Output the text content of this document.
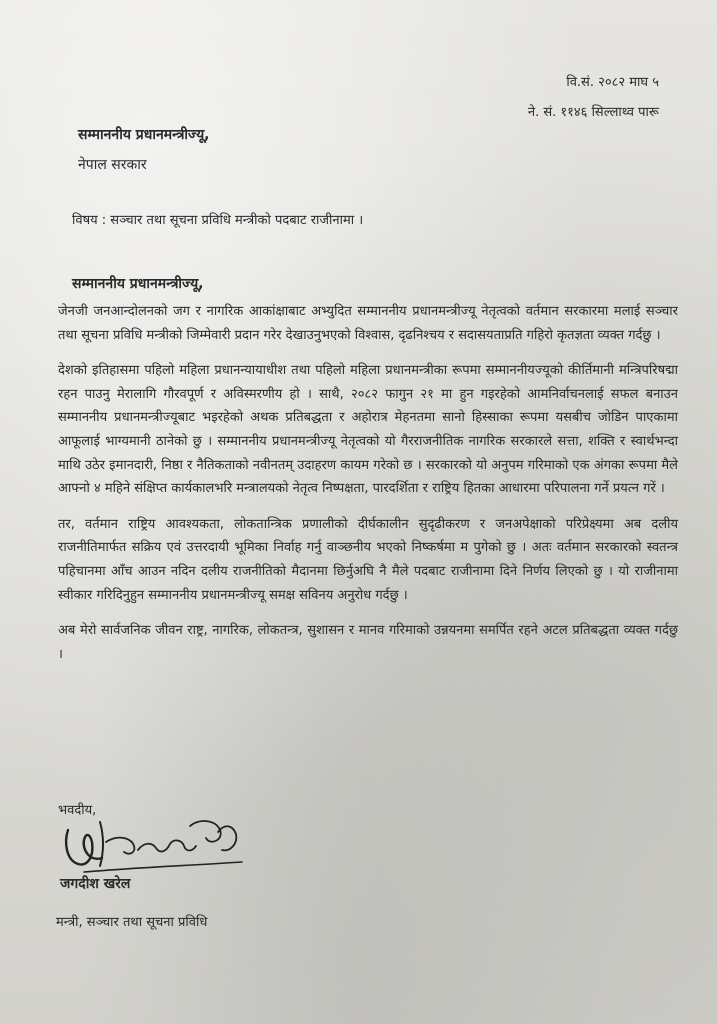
वि.सं. २०८२ माघ ५
ने. सं. ११४६ सिल्लाथ्व पारू
सम्माननीय प्रधानमन्त्रीज्यू,
नेपाल सरकार
विषय : सञ्चार तथा सूचना प्रविधि मन्त्रीको पदबाट राजीनामा ।
सम्माननीय प्रधानमन्त्रीज्यू,

जेनजी जनआन्दोलनको जग र नागरिक आकांक्षाबाट अभ्युदित सम्माननीय प्रधानमन्त्रीज्यू नेतृत्वको वर्तमान सरकारमा मलाई सञ्चार तथा सूचना प्रविधि मन्त्रीको जिम्मेवारी प्रदान गरेर देखाउनुभएको विश्वास, दृढनिश्चय र सदासयताप्रति गहिरो कृतज्ञता व्यक्त गर्दछु ।

देशको इतिहासमा पहिलो महिला प्रधानन्यायाधीश तथा पहिलो महिला प्रधानमन्त्रीका रूपमा सम्माननीयज्यूको कीर्तिमानी मन्त्रिपरिषद्मा रहन पाउनु मेरालागि गौरवपूर्ण र अविस्मरणीय हो । साथै, २०८२ फागुन २१ मा हुन गइरहेको आमनिर्वाचनलाई सफल बनाउन सम्माननीय प्रधानमन्त्रीज्यूबाट भइरहेको अथक प्रतिबद्धता र अहोरात्र मेहनतमा सानो हिस्साका रूपमा यसबीच जोडिन पाएकामा आफूलाई भाग्यमानी ठानेको छु । सम्माननीय प्रधानमन्त्रीज्यू नेतृत्वको यो गैरराजनीतिक नागरिक सरकारले सत्ता, शक्ति र स्वार्थभन्दा माथि उठेर इमानदारी, निष्ठा र नैतिकताको नवीनतम् उदाहरण कायम गरेको छ । सरकारको यो अनुपम गरिमाको एक अंगका रूपमा मैले आफ्नो ४ महिने संक्षिप्त कार्यकालभरि मन्त्रालयको नेतृत्व निष्पक्षता, पारदर्शिता र राष्ट्रिय हितका आधारमा परिपालना गर्ने प्रयत्न गरें ।

तर, वर्तमान राष्ट्रिय आवश्यकता, लोकतान्त्रिक प्रणालीको दीर्घकालीन सुदृढीकरण र जनअपेक्षाको परिप्रेक्ष्यमा अब दलीय राजनीतिमार्फत सक्रिय एवं उत्तरदायी भूमिका निर्वाह गर्नु वाञ्छनीय भएको निष्कर्षमा म पुगेको छु । अतः वर्तमान सरकारको स्वतन्त्र पहिचानमा आँच आउन नदिन दलीय राजनीतिको मैदानमा छिर्नुअघि नै मैले पदबाट राजीनामा दिने निर्णय लिएको छु । यो राजीनामा स्वीकार गरिदिनुहुन सम्माननीय प्रधानमन्त्रीज्यू समक्ष सविनय अनुरोध गर्दछु ।

अब मेरो सार्वजनिक जीवन राष्ट्र, नागरिक, लोकतन्त्र, सुशासन र मानव गरिमाको उन्नयनमा समर्पित रहने अटल प्रतिबद्धता व्यक्त गर्दछु ।

भवदीय,
जगदीश खरेल
मन्त्री, सञ्चार तथा सूचना प्रविधि
